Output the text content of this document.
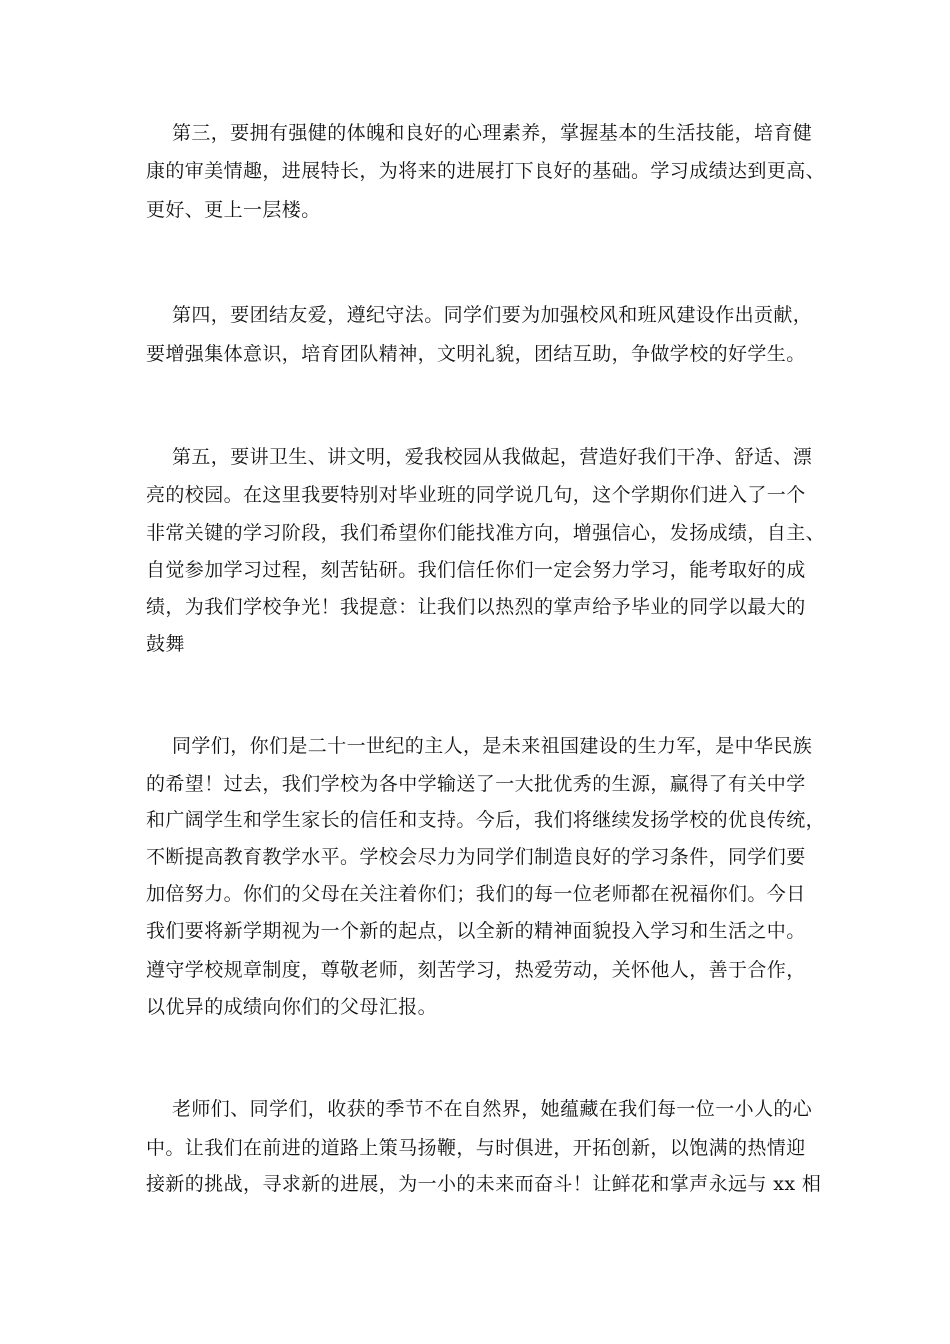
第三，要拥有强健的体魄和良好的心理素养，掌握基本的生活技能，培育健
康的审美情趣，进展特长，为将来的进展打下良好的基础。学习成绩达到更高、
更好、更上一层楼。
第四，要团结友爱，遵纪守法。同学们要为加强校风和班风建设作出贡献，
要增强集体意识，培育团队精神，文明礼貌，团结互助，争做学校的好学生。
第五，要讲卫生、讲文明，爱我校园从我做起，营造好我们干净、舒适、漂
亮的校园。在这里我要特别对毕业班的同学说几句，这个学期你们进入了一个
非常关键的学习阶段，我们希望你们能找准方向，增强信心，发扬成绩，自主、
自觉参加学习过程，刻苦钻研。我们信任你们一定会努力学习，能考取好的成
绩，为我们学校争光！我提意：让我们以热烈的掌声给予毕业的同学以最大的
鼓舞
同学们，你们是二十一世纪的主人，是未来祖国建设的生力军，是中华民族
的希望！过去，我们学校为各中学输送了一大批优秀的生源，赢得了有关中学
和广阔学生和学生家长的信任和支持。今后，我们将继续发扬学校的优良传统，
不断提高教育教学水平。学校会尽力为同学们制造良好的学习条件，同学们要
加倍努力。你们的父母在关注着你们；我们的每一位老师都在祝福你们。今日
我们要将新学期视为一个新的起点，以全新的精神面貌投入学习和生活之中。
遵守学校规章制度，尊敬老师，刻苦学习，热爱劳动，关怀他人，善于合作，
以优异的成绩向你们的父母汇报。
老师们、同学们，收获的季节不在自然界，她蕴藏在我们每一位一小人的心
中。让我们在前进的道路上策马扬鞭，与时俱进，开拓创新，以饱满的热情迎
接新的挑战，寻求新的进展，为一小的未来而奋斗！让鲜花和掌声永远与 xx 相
